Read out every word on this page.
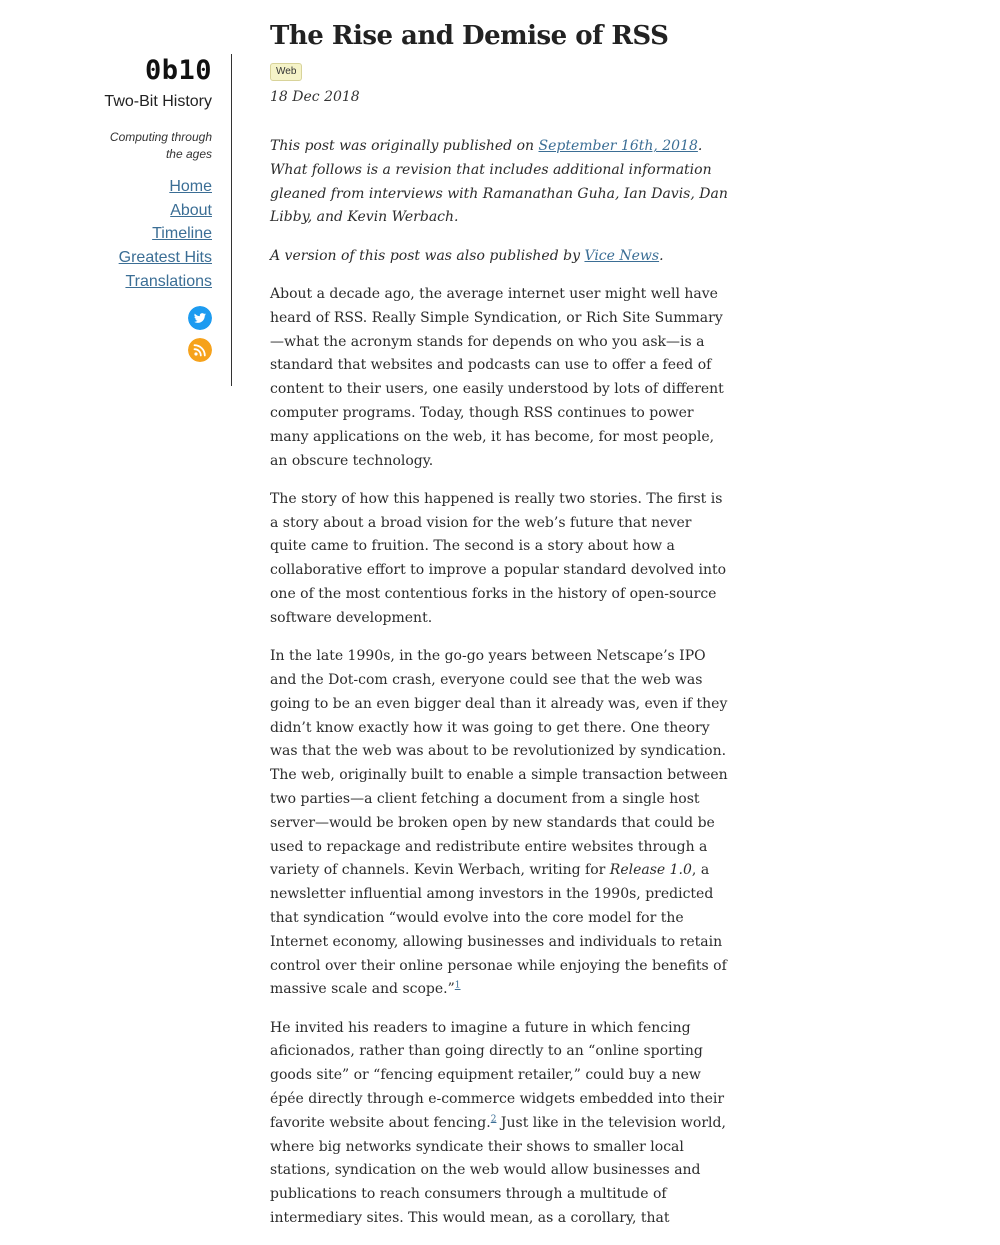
0b10
Two-Bit History
Computing through the ages
Home
About
Timeline
Greatest Hits
Translations
The Rise and Demise of RSS
Web
18 Dec 2018

This post was originally published on September 16th, 2018. What follows is a revision that includes additional information gleaned from interviews with Ramanathan Guha, Ian Davis, Dan Libby, and Kevin Werbach.

A version of this post was also published by Vice News.

About a decade ago, the average internet user might well have heard of RSS. Really Simple Syndication, or Rich Site Summary—what the acronym stands for depends on who you ask—is a standard that websites and podcasts can use to offer a feed of content to their users, one easily understood by lots of different computer programs. Today, though RSS continues to power many applications on the web, it has become, for most people, an obscure technology.

The story of how this happened is really two stories. The first is a story about a broad vision for the web’s future that never quite came to fruition. The second is a story about how a collaborative effort to improve a popular standard devolved into one of the most contentious forks in the history of open-source software development.

In the late 1990s, in the go-go years between Netscape’s IPO and the Dot-com crash, everyone could see that the web was going to be an even bigger deal than it already was, even if they didn’t know exactly how it was going to get there. One theory was that the web was about to be revolutionized by syndication. The web, originally built to enable a simple transaction between two parties—a client fetching a document from a single host server—would be broken open by new standards that could be used to repackage and redistribute entire websites through a variety of channels. Kevin Werbach, writing for Release 1.0, a newsletter influential among investors in the 1990s, predicted that syndication “would evolve into the core model for the Internet economy, allowing businesses and individuals to retain control over their online personae while enjoying the benefits of massive scale and scope.”$^1$

He invited his readers to imagine a future in which fencing aficionados, rather than going directly to an “online sporting goods site” or “fencing equipment retailer,” could buy a new épée directly through e-commerce widgets embedded into their favorite website about fencing.$^2$ Just like in the television world, where big networks syndicate their shows to smaller local stations, syndication on the web would allow businesses and publications to reach consumers through a multitude of intermediary sites. This would mean, as a corollary, that
